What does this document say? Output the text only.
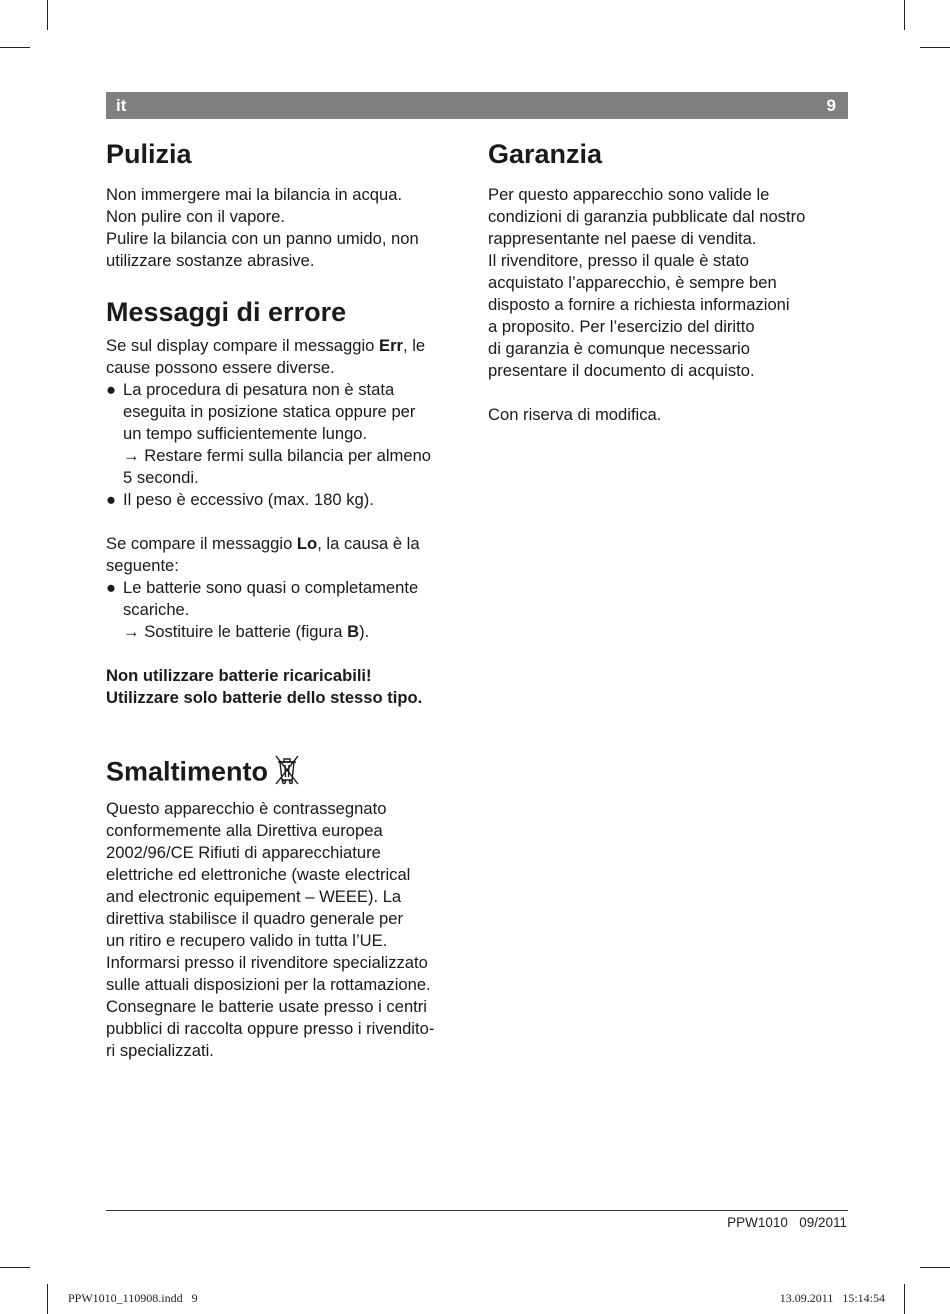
it	9
Pulizia

Non immergere mai la bilancia in acqua.

Non pulire con il vapore.

Pulire la bilancia con un panno umido, non

utilizzare sostanze abrasive.

Messaggi di errore

Se sul display compare il messaggio Err, le

cause possono essere diverse.

● La procedura di pesatura non è stata

eseguita in posizione statica oppure per

un tempo sufficientemente lungo.

→ Restare fermi sulla bilancia per almeno

5 secondi.

● Il peso è eccessivo (max. 180 kg).

Se compare il messaggio Lo, la causa è la

seguente:

● Le batterie sono quasi o completamente

scariche.

→ Sostituire le batterie (figura B).

Non utilizzare batterie ricaricabili!

Utilizzare solo batterie dello stesso tipo.

Smaltimento

Questo apparecchio è contrassegnato

conformemente alla Direttiva europea

2002/96/CE Rifiuti di apparecchiature

elettriche ed elettroniche (waste electrical

and electronic equipement – WEEE). La

direttiva stabilisce il quadro generale per

un ritiro e recupero valido in tutta l’UE.

Informarsi presso il rivenditore specializzato

sulle attuali disposizioni per la rottamazione.

Consegnare le batterie usate presso i centri

pubblici di raccolta oppure presso i rivendito-

ri specializzati.

Garanzia

Per questo apparecchio sono valide le

condizioni di garanzia pubblicate dal nostro

rappresentante nel paese di vendita.

Il rivenditore, presso il quale è stato

acquistato l’apparecchio, è sempre ben

disposto a fornire a richiesta informazioni

a proposito. Per l’esercizio del diritto

di garanzia è comunque necessario

presentare il documento di acquisto.

Con riserva di modifica.

PPW1010   09/2011
PPW1010_110908.indd   9	13.09.2011   15:14:54
